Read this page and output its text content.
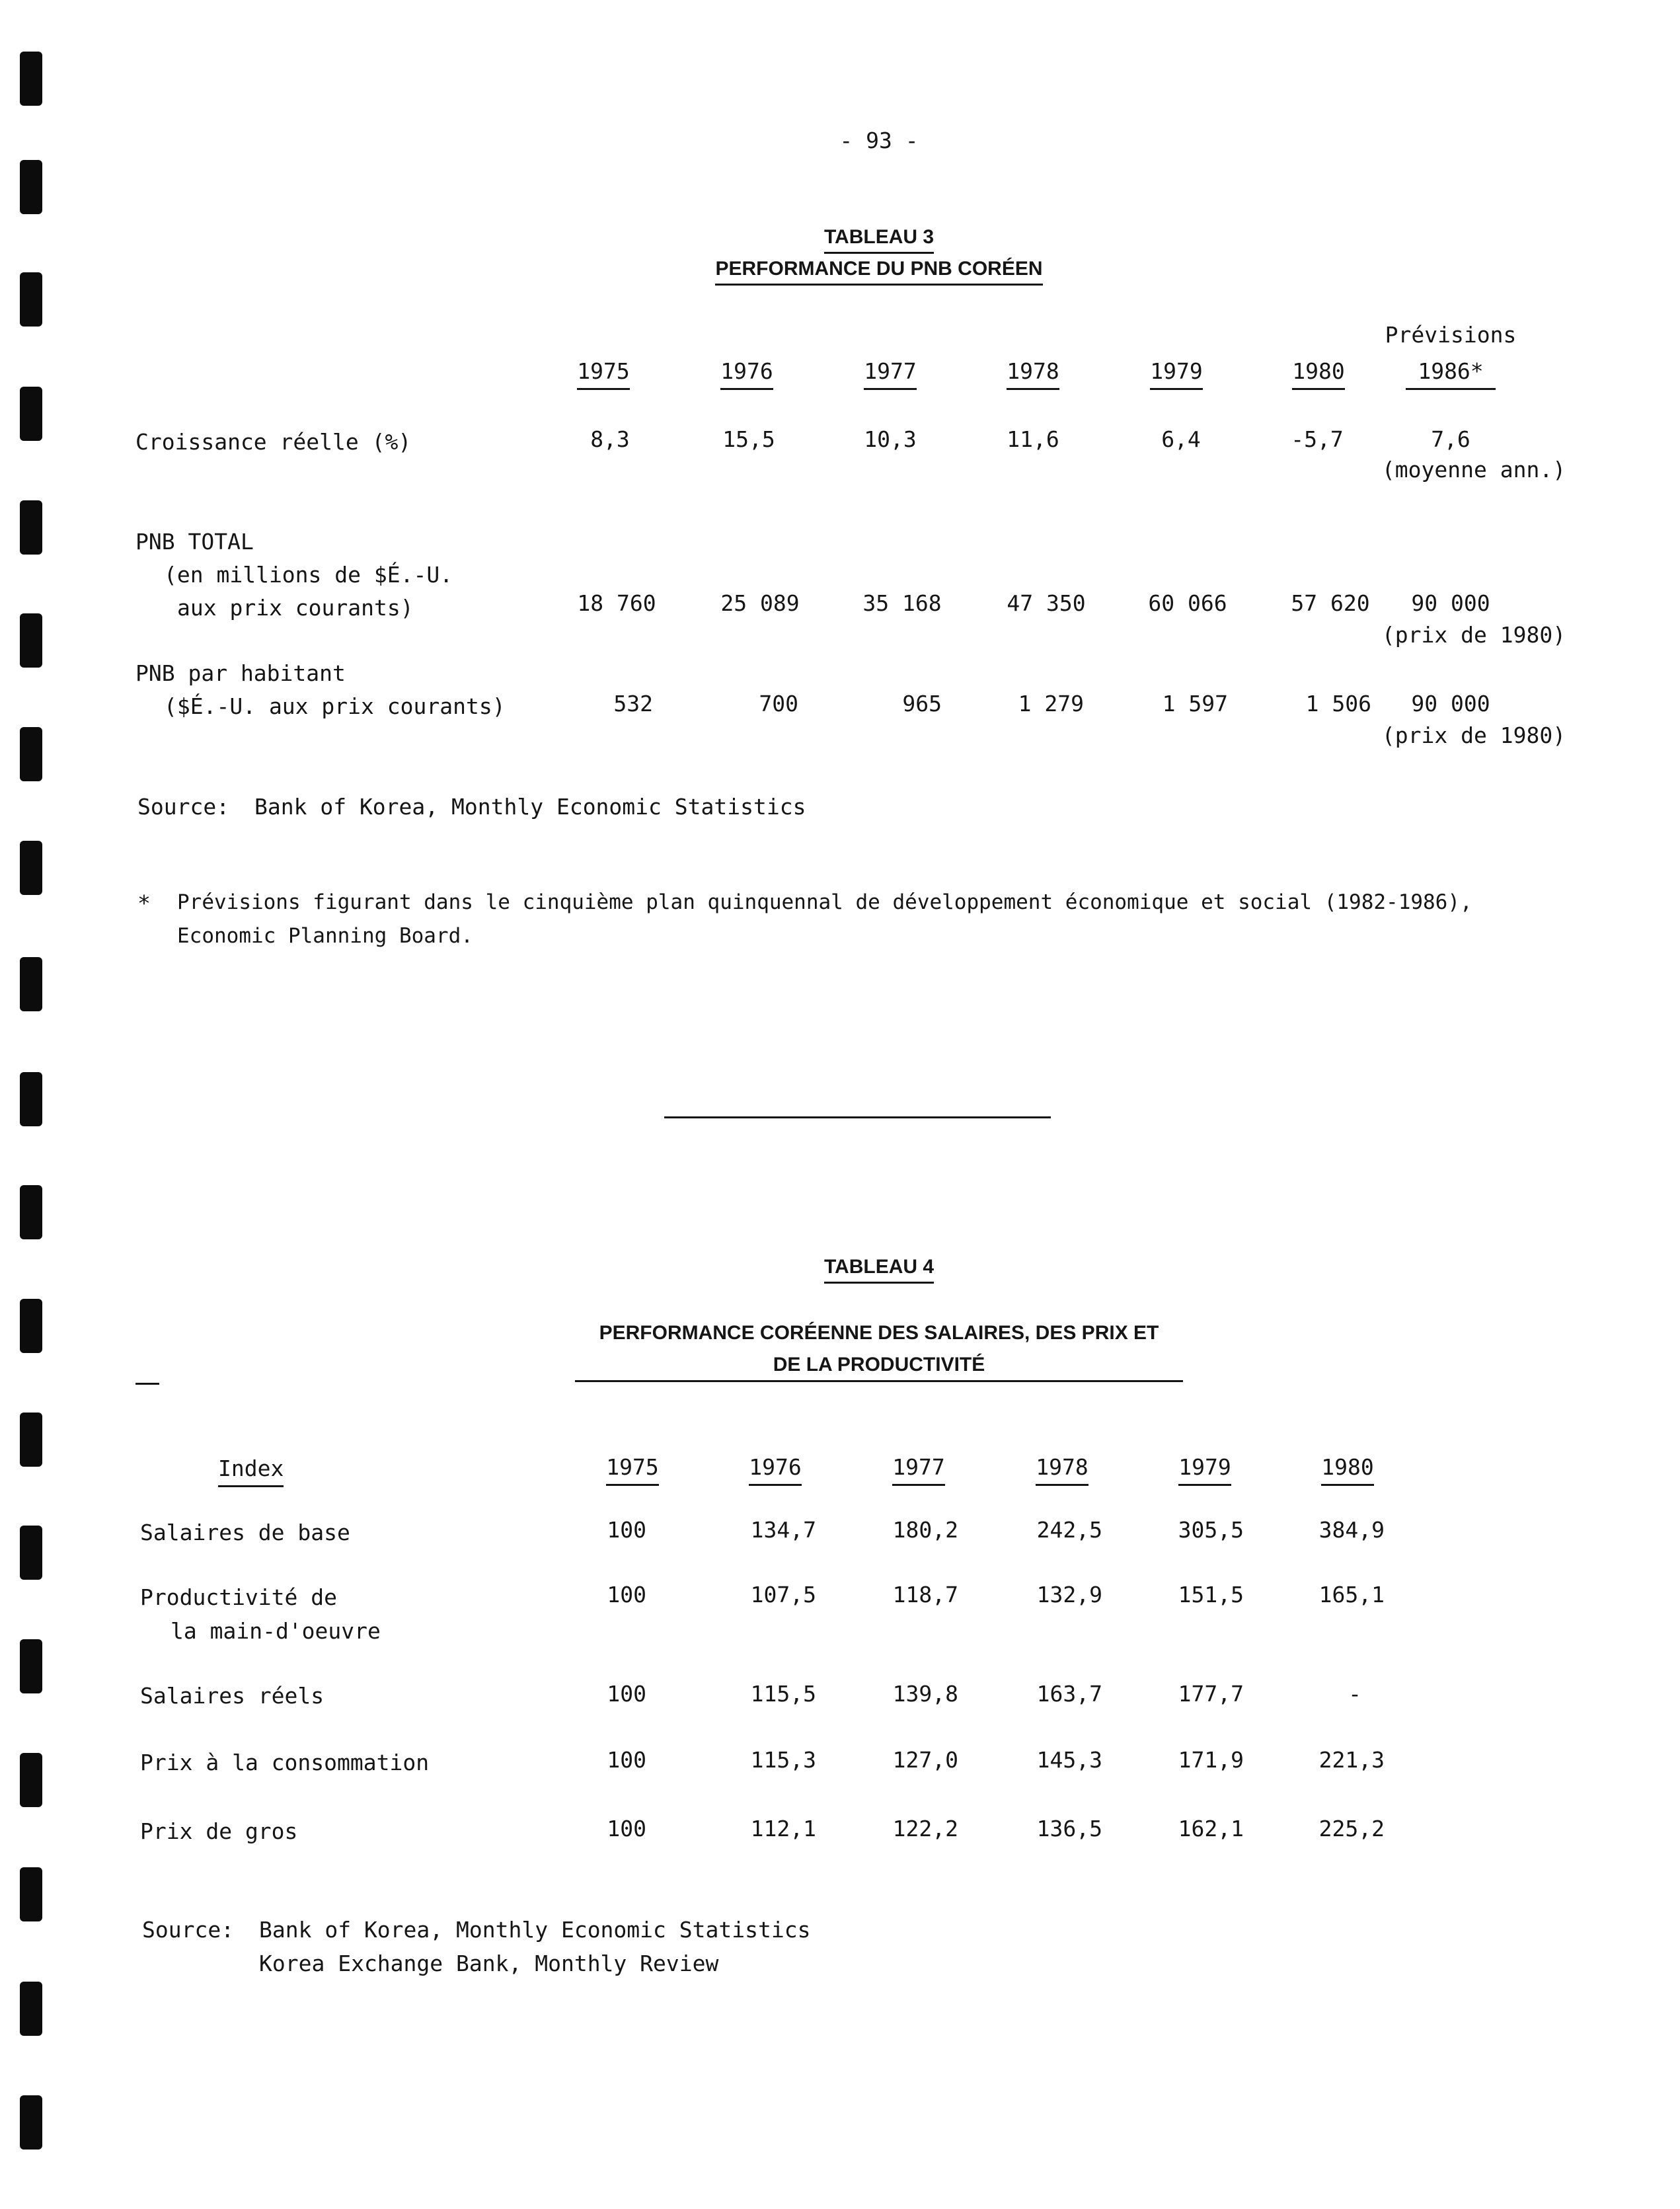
- 93 -
TABLEAU 3
PERFORMANCE DU PNB CORÉEN
Prévisions
1975	1976	1977	1978	1979	1980	1986*
Croissance réelle (%)	8,3	15,5	10,3	11,6	6,4	-5,7	7,6
(moyenne ann.)
PNB TOTAL
(en millions de $É.-U.
aux prix courants)	18 760	25 089	35 168	47 350	60 066	57 620	90 000
(prix de 1980)
PNB par habitant
($É.-U. aux prix courants)	532	700	965	1 279	1 597	1 506	90 000
(prix de 1980)
Source: Bank of Korea, Monthly Economic Statistics
* Prévisions figurant dans le cinquième plan quinquennal de développement économique et social (1982-1986),
Economic Planning Board.
TABLEAU 4
PERFORMANCE CORÉENNE DES SALAIRES, DES PRIX ET
DE LA PRODUCTIVITÉ
Index	1975	1976	1977	1978	1979	1980
Salaires de base	100	134,7	180,2	242,5	305,5	384,9
Productivité de
la main-d'oeuvre
100	107,5	118,7	132,9	151,5	165,1
Salaires réels	100	115,5	139,8	163,7	177,7	-
Prix à la consommation	100	115,3	127,0	145,3	171,9	221,3
Prix de gros	100	112,1	122,2	136,5	162,1	225,2
Source: Bank of Korea, Monthly Economic Statistics
Korea Exchange Bank, Monthly Review
